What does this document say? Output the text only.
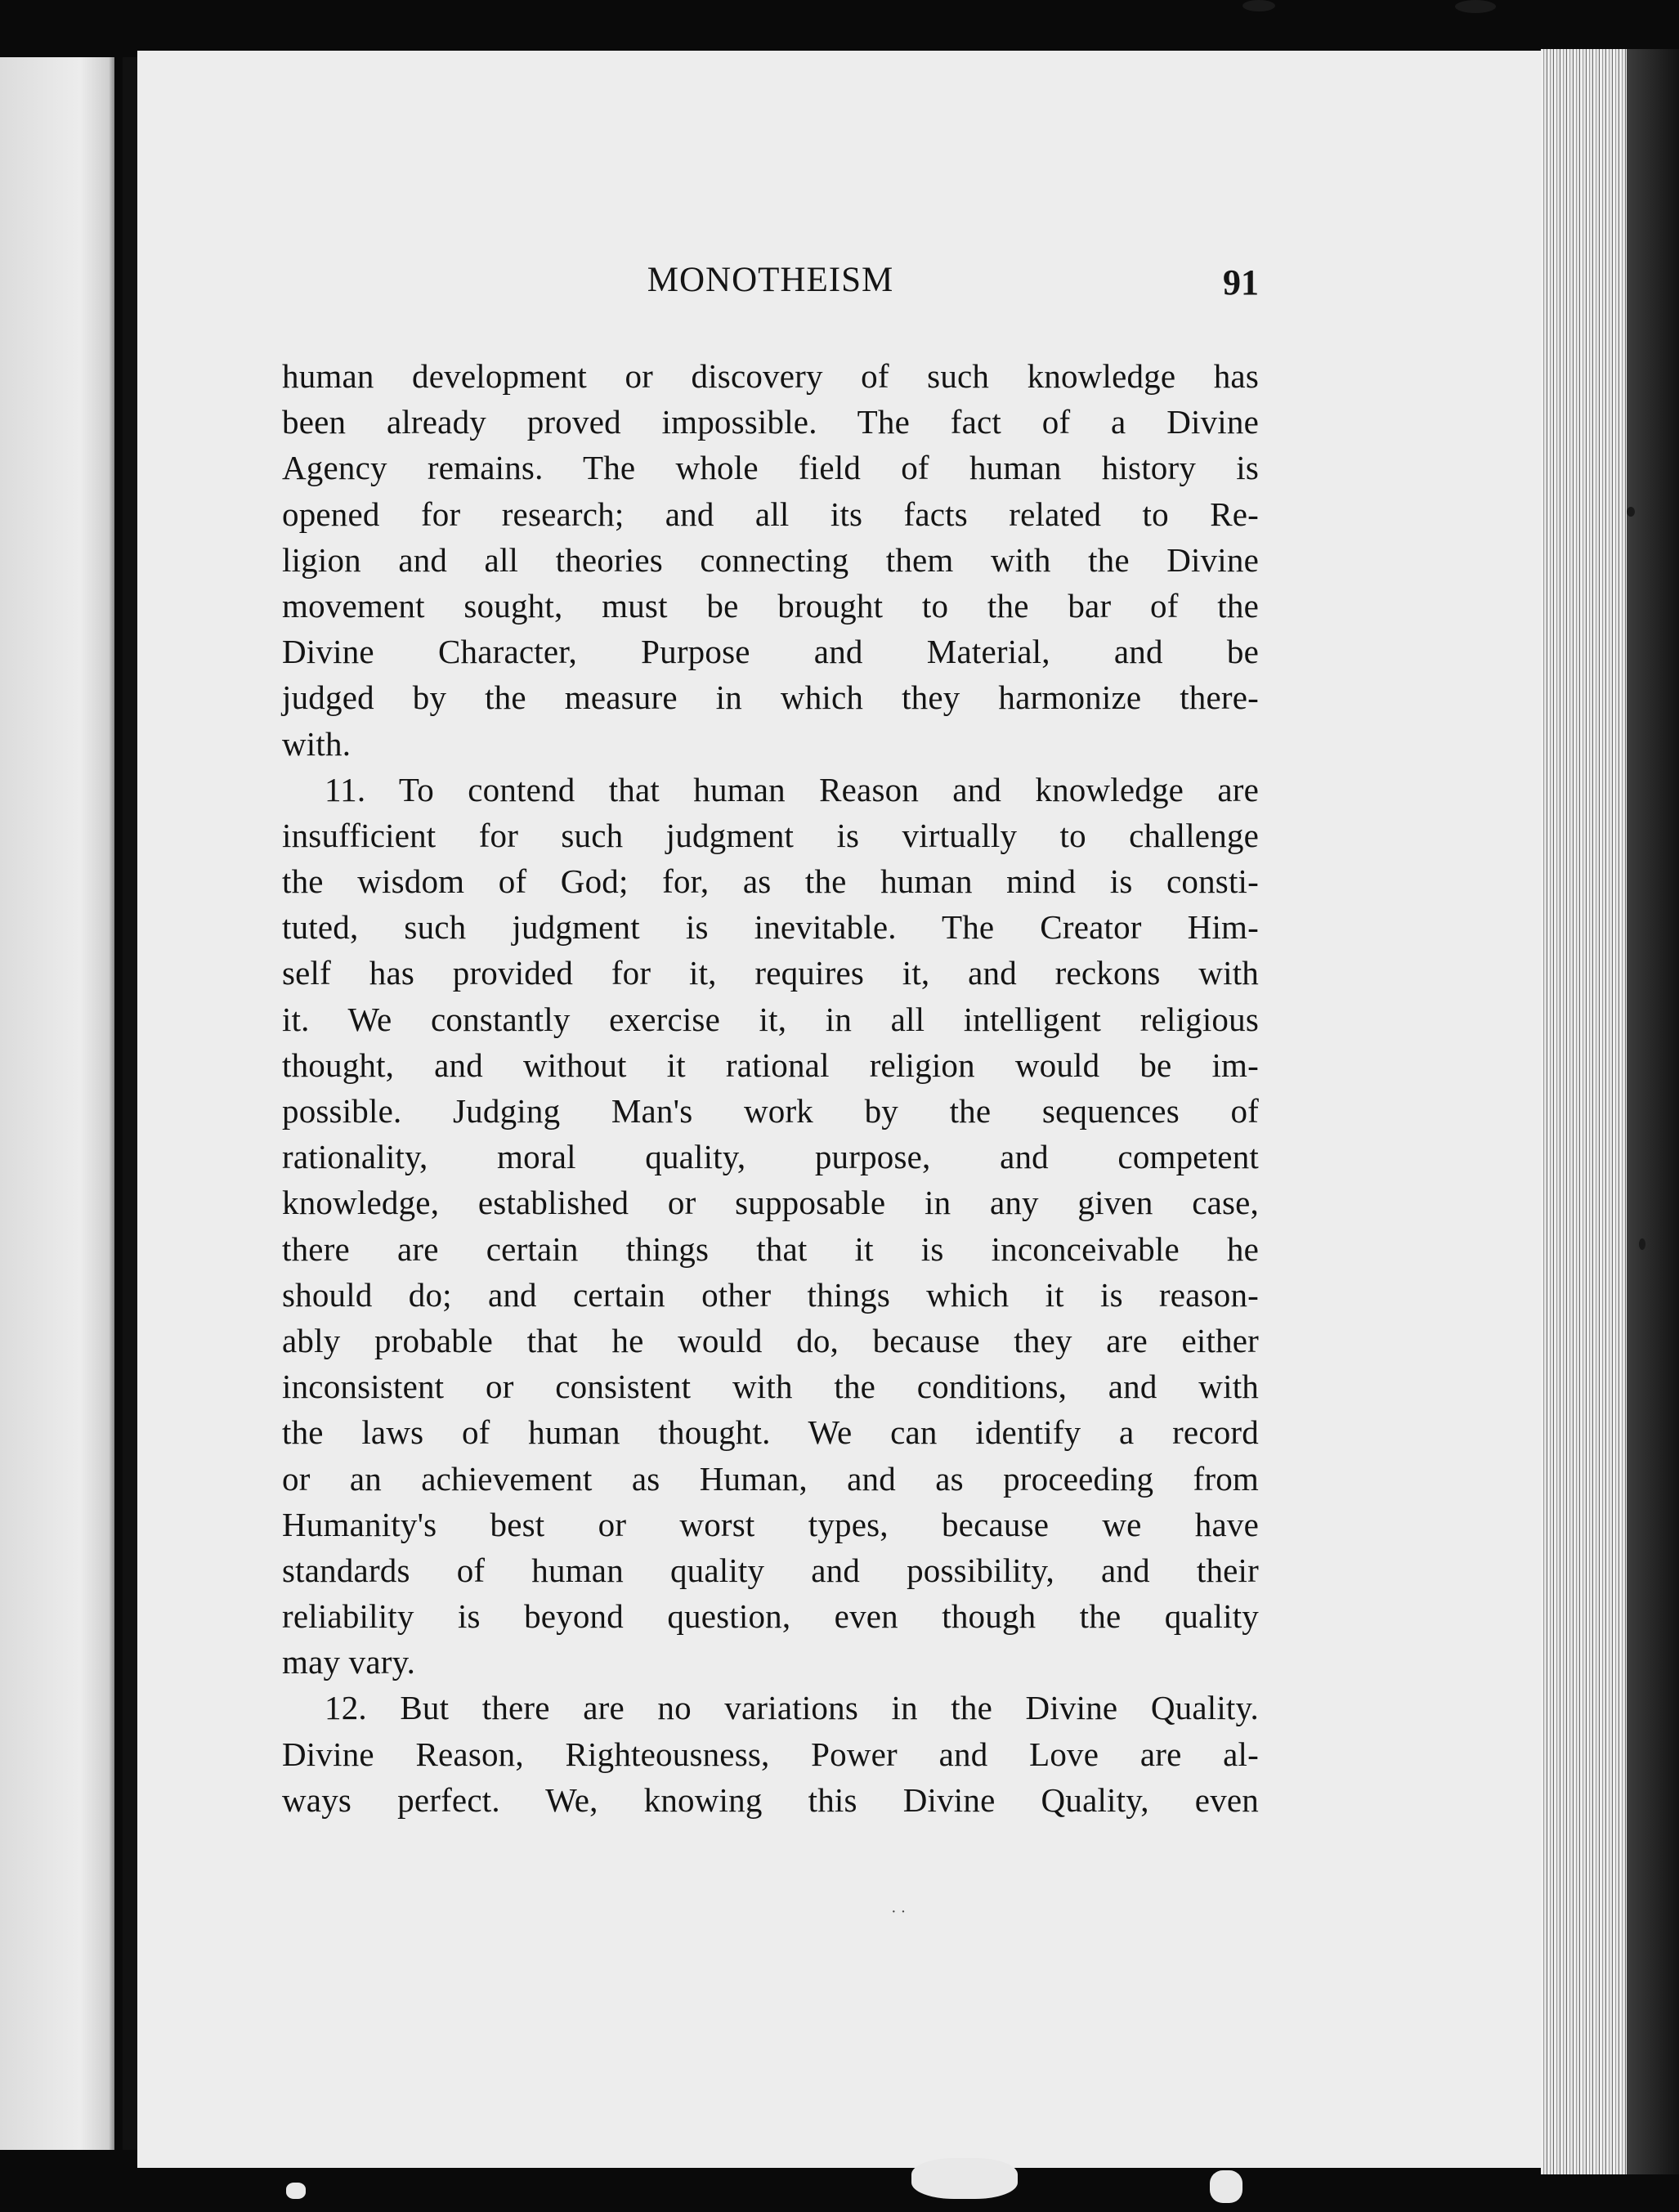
MONOTHEISM	91
human development or discovery of such knowledge has
been already proved impossible. The fact of a Divine
Agency remains. The whole field of human history is
opened for research; and all its facts related to Re-
ligion and all theories connecting them with the Divine
movement sought, must be brought to the bar of the
Divine Character, Purpose and Material, and be
judged by the measure in which they harmonize there-
with.
11. To contend that human Reason and knowledge are
insufficient for such judgment is virtually to challenge
the wisdom of God; for, as the human mind is consti-
tuted, such judgment is inevitable. The Creator Him-
self has provided for it, requires it, and reckons with
it. We constantly exercise it, in all intelligent religious
thought, and without it rational religion would be im-
possible. Judging Man's work by the sequences of
rationality, moral quality, purpose, and competent
knowledge, established or supposable in any given case,
there are certain things that it is inconceivable he
should do; and certain other things which it is reason-
ably probable that he would do, because they are either
inconsistent or consistent with the conditions, and with
the laws of human thought. We can identify a record
or an achievement as Human, and as proceeding from
Humanity's best or worst types, because we have
standards of human quality and possibility, and their
reliability is beyond question, even though the quality
may vary.
12. But there are no variations in the Divine Quality.
Divine Reason, Righteousness, Power and Love are al-
ways perfect. We, knowing this Divine Quality, even
· ·
